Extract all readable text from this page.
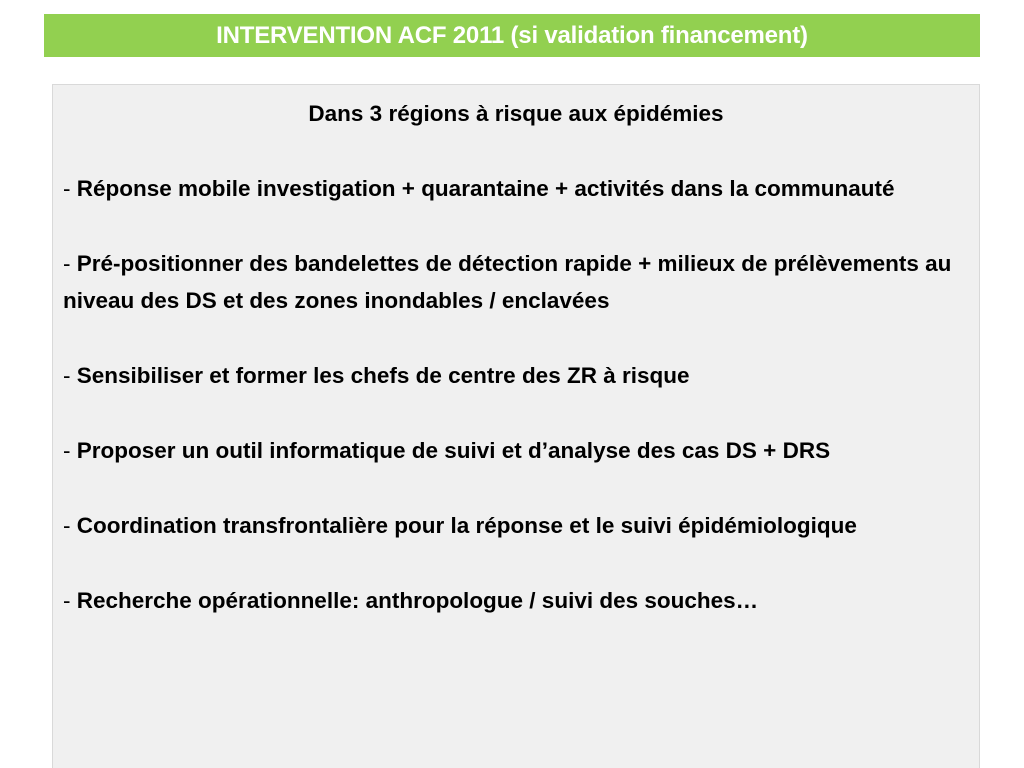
INTERVENTION ACF 2011 (si validation financement)
Dans 3 régions à risque aux épidémies
- Réponse mobile investigation + quarantaine + activités dans la communauté
- Pré-positionner des bandelettes de détection rapide + milieux de prélèvements au niveau des DS et des zones inondables / enclavées
- Sensibiliser et former les chefs de centre des ZR à risque
- Proposer un outil informatique de suivi et d’analyse des cas DS + DRS
- Coordination transfrontalière pour la réponse et le suivi épidémiologique
- Recherche opérationnelle: anthropologue / suivi des souches…
